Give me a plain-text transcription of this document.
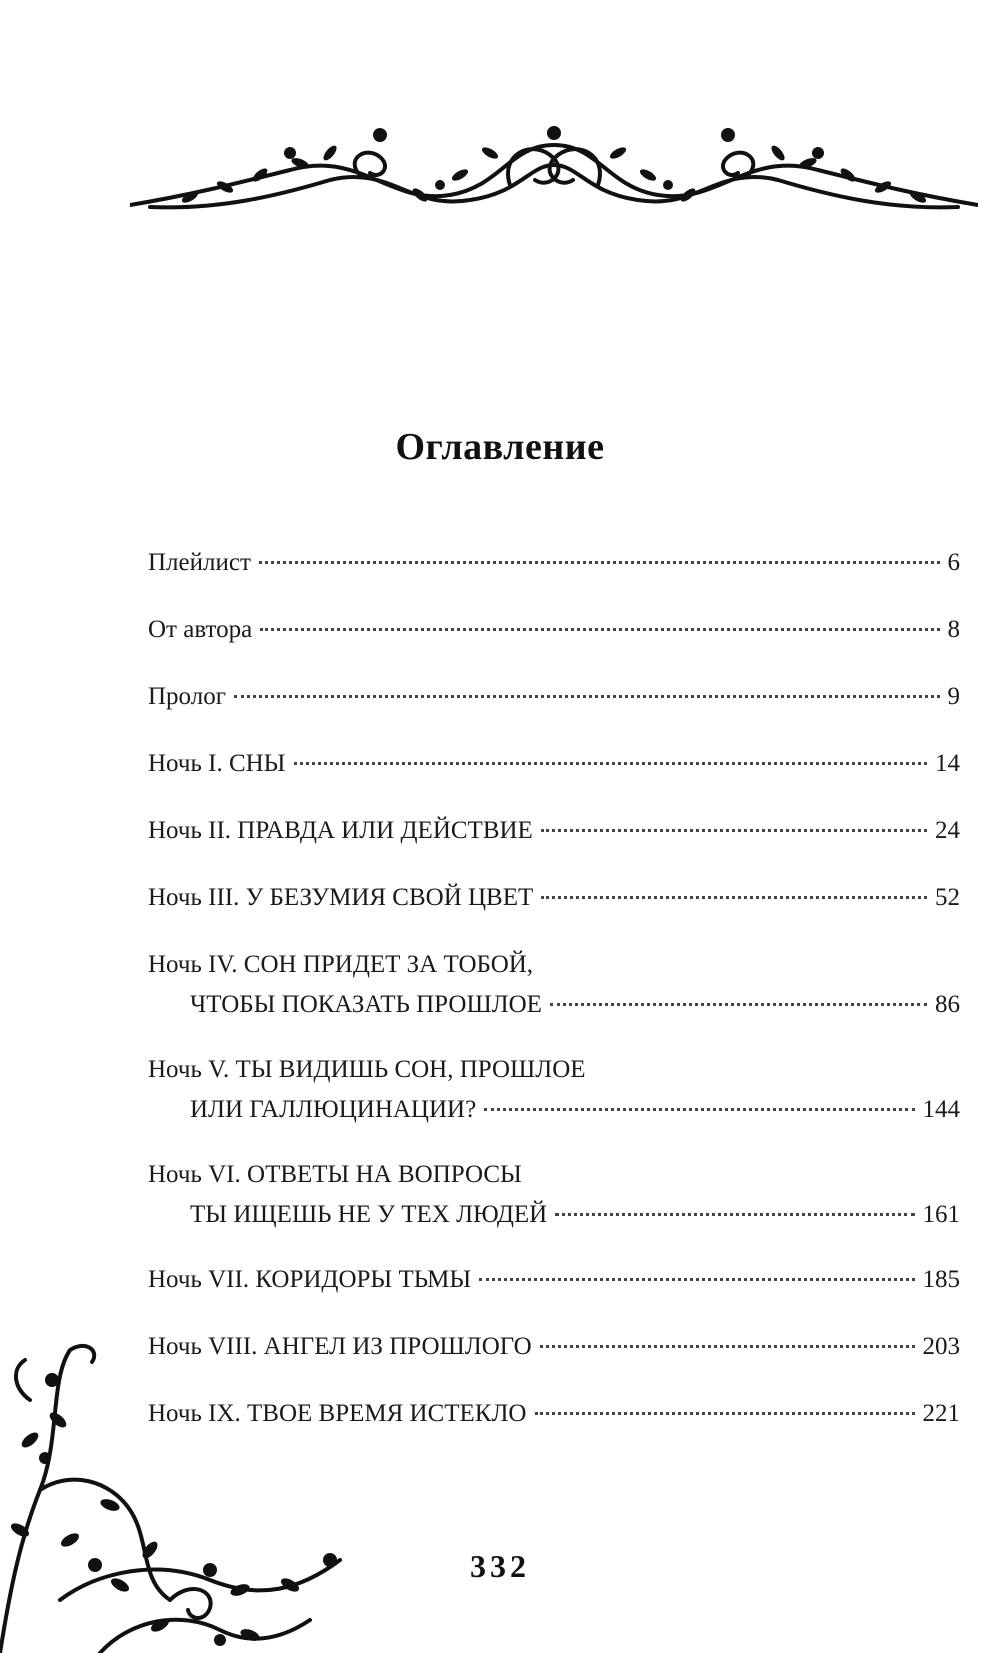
Оглавление
Плейлист	6
От автора	8
Пролог	9
Ночь I. СНЫ	14
Ночь II. ПРАВДА ИЛИ ДЕЙСТВИЕ	24
Ночь III. У БЕЗУМИЯ СВОЙ ЦВЕТ	52
Ночь IV. СОН ПРИДЕТ ЗА ТОБОЙ,
ЧТОБЫ ПОКАЗАТЬ ПРОШЛОЕ	86
Ночь V. ТЫ ВИДИШЬ СОН, ПРОШЛОЕ
ИЛИ ГАЛЛЮЦИНАЦИИ?	144
Ночь VI. ОТВЕТЫ НА ВОПРОСЫ
ТЫ ИЩЕШЬ НЕ У ТЕХ ЛЮДЕЙ	161
Ночь VII. КОРИДОРЫ ТЬМЫ	185
Ночь VIII. АНГЕЛ ИЗ ПРОШЛОГО	203
Ночь IX. ТВОЕ ВРЕМЯ ИСТЕКЛО	221
332
